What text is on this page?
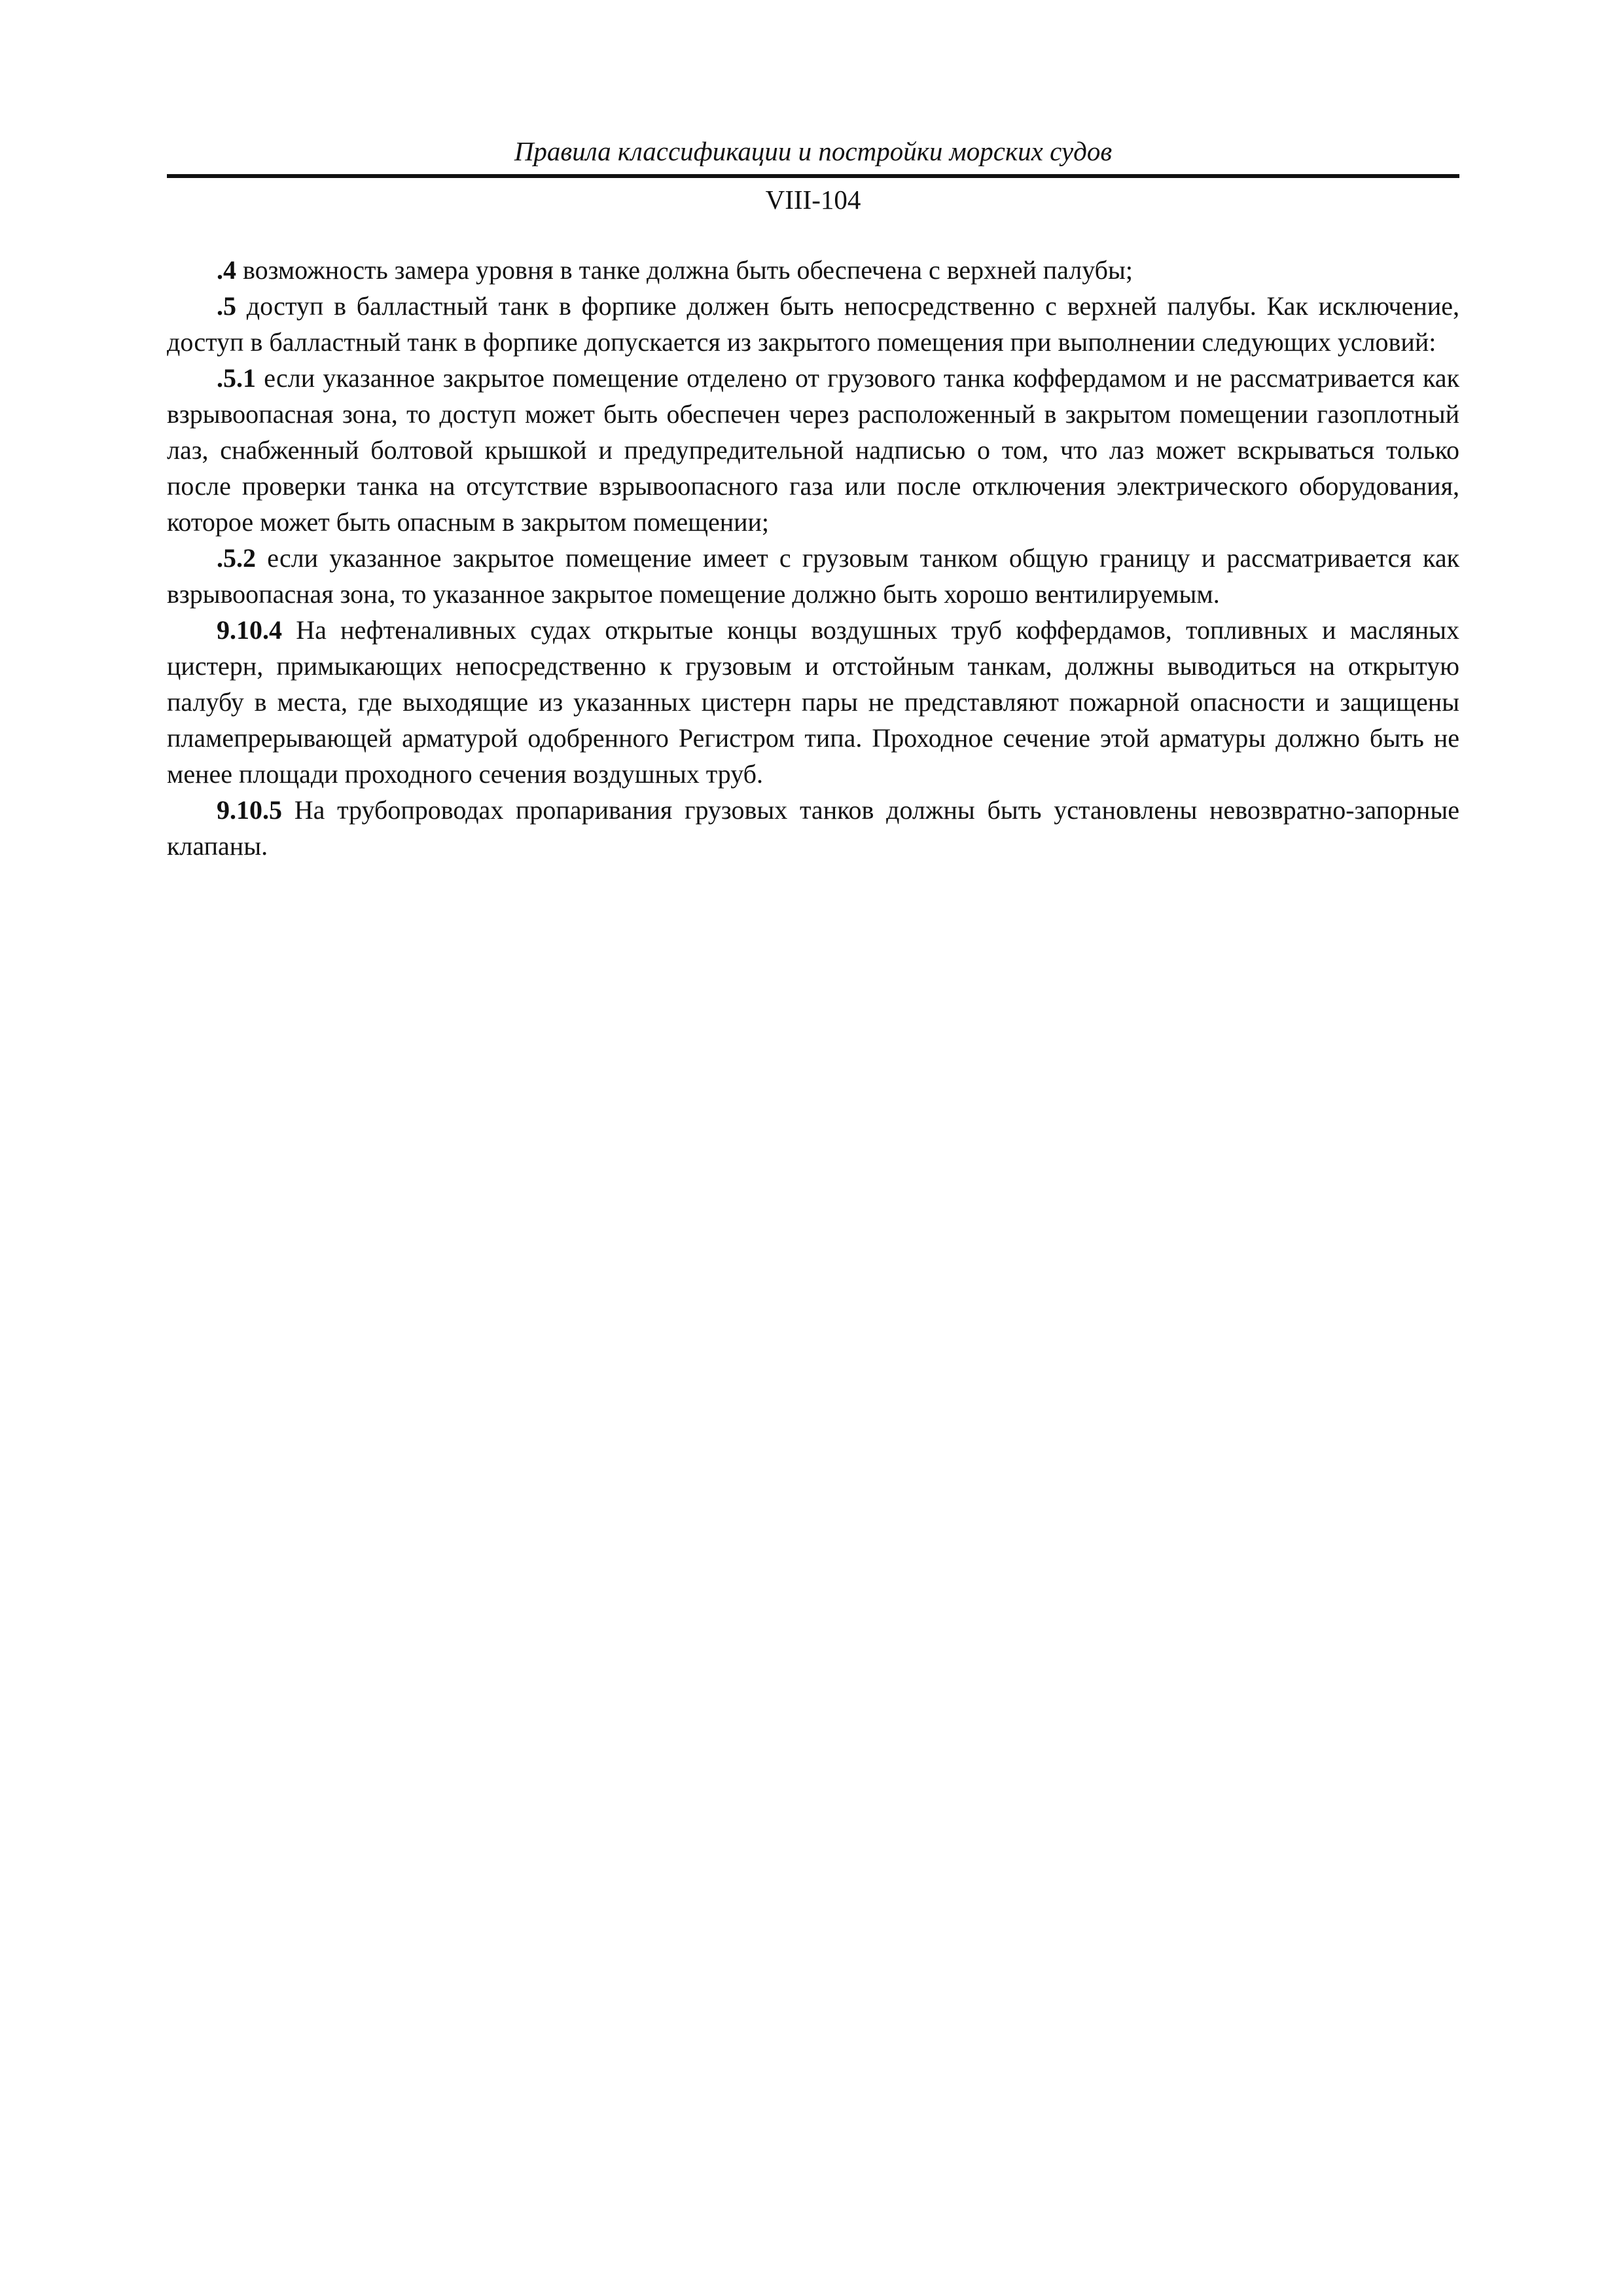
Правила классификации и постройки морских судов
VIII-104

.4 возможность замера уровня в танке должна быть обеспечена с верхней палубы;

.5 доступ в балластный танк в форпике должен быть непосредственно с верхней палубы. Как исключение, доступ в балластный танк в форпике допускается из закрытого помещения при выполнении следующих условий:

.5.1 если указанное закрытое помещение отделено от грузового танка коффердамом и не рассматривается как взрывоопасная зона, то доступ может быть обеспечен через расположенный в закрытом помещении газоплотный лаз, снабженный болтовой крышкой и предупредительной надписью о том, что лаз может вскрываться только после проверки танка на отсутствие взрывоопасного газа или после отключения электрического оборудования, которое может быть опасным в закрытом помещении;

.5.2 если указанное закрытое помещение имеет с грузовым танком общую границу и рассматривается как взрывоопасная зона, то указанное закрытое помещение должно быть хорошо вентилируемым.

9.10.4 На нефтеналивных судах открытые концы воздушных труб коффердамов, топливных и масляных цистерн, примыкающих непосредственно к грузовым и отстойным танкам, должны выводиться на открытую палубу в места, где выходящие из указанных цистерн пары не представляют пожарной опасности и защищены пламепрерывающей арматурой одобренного Регистром типа. Проходное сечение этой арматуры должно быть не менее площади проходного сечения воздушных труб.

9.10.5 На трубопроводах пропаривания грузовых танков должны быть установлены невозвратно-запорные клапаны.
